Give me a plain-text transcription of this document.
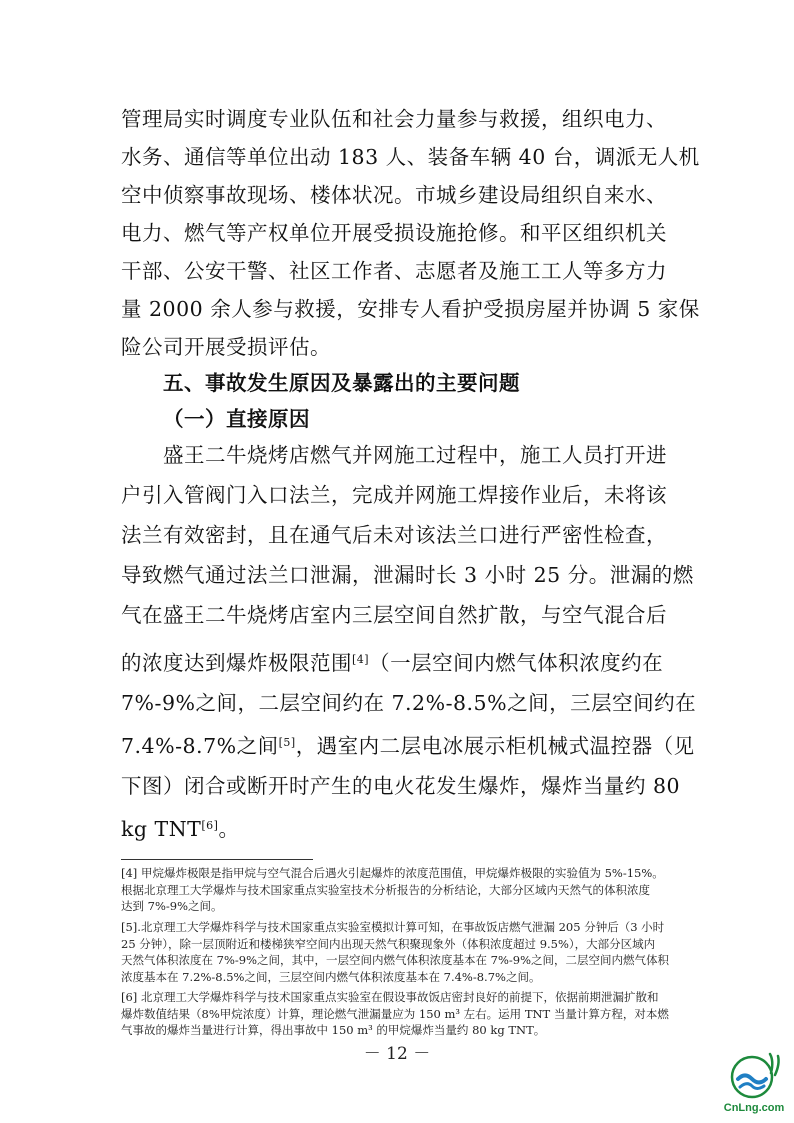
管理局实时调度专业队伍和社会力量参与救援，组织电力、

水务、通信等单位出动 183 人、装备车辆 40 台，调派无人机

空中侦察事故现场、楼体状况。市城乡建设局组织自来水、

电力、燃气等产权单位开展受损设施抢修。和平区组织机关

干部、公安干警、社区工作者、志愿者及施工工人等多方力

量 2000 余人参与救援，安排专人看护受损房屋并协调 5 家保

险公司开展受损评估。

五、事故发生原因及暴露出的主要问题
（一）直接原因

盛王二牛烧烤店燃气并网施工过程中，施工人员打开进

户引入管阀门入口法兰，完成并网施工焊接作业后，未将该

法兰有效密封，且在通气后未对该法兰口进行严密性检查，

导致燃气通过法兰口泄漏，泄漏时长 3 小时 25 分。泄漏的燃

气在盛王二牛烧烤店室内三层空间自然扩散，与空气混合后

的浓度达到爆炸极限范围[4]（一层空间内燃气体积浓度约在

7%-9%之间，二层空间约在 7.2%-8.5%之间，三层空间约在

7.4%-8.7%之间[5]，遇室内二层电冰展示柜机械式温控器（见

下图）闭合或断开时产生的电火花发生爆炸，爆炸当量约 80

kg TNT[6]。

[4] 甲烷爆炸极限是指甲烷与空气混合后遇火引起爆炸的浓度范围值，甲烷爆炸极限的实验值为 5%-15%。
根据北京理工大学爆炸与技术国家重点实验室技术分析报告的分析结论，大部分区域内天然气的体积浓度
达到 7%-9%之间。

[5].北京理工大学爆炸科学与技术国家重点实验室模拟计算可知，在事故饭店燃气泄漏 205 分钟后（3 小时
25 分钟），除一层顶附近和楼梯狭窄空间内出现天然气积聚现象外（体积浓度超过 9.5%），大部分区域内
天然气体积浓度在 7%-9%之间，其中，一层空间内燃气体积浓度基本在 7%-9%之间，二层空间内燃气体积
浓度基本在 7.2%-8.5%之间，三层空间内燃气体积浓度基本在 7.4%-8.7%之间。

[6] 北京理工大学爆炸科学与技术国家重点实验室在假设事故饭店密封良好的前提下，依据前期泄漏扩散和
爆炸数值结果（8%甲烷浓度）计算，理论燃气泄漏量应为 150 m³ 左右。运用 TNT 当量计算方程，对本燃
气事故的爆炸当量进行计算，得出事故中 150 m³ 的甲烷爆炸当量约 80 kg TNT。

－ 12 －
CnLng.com
